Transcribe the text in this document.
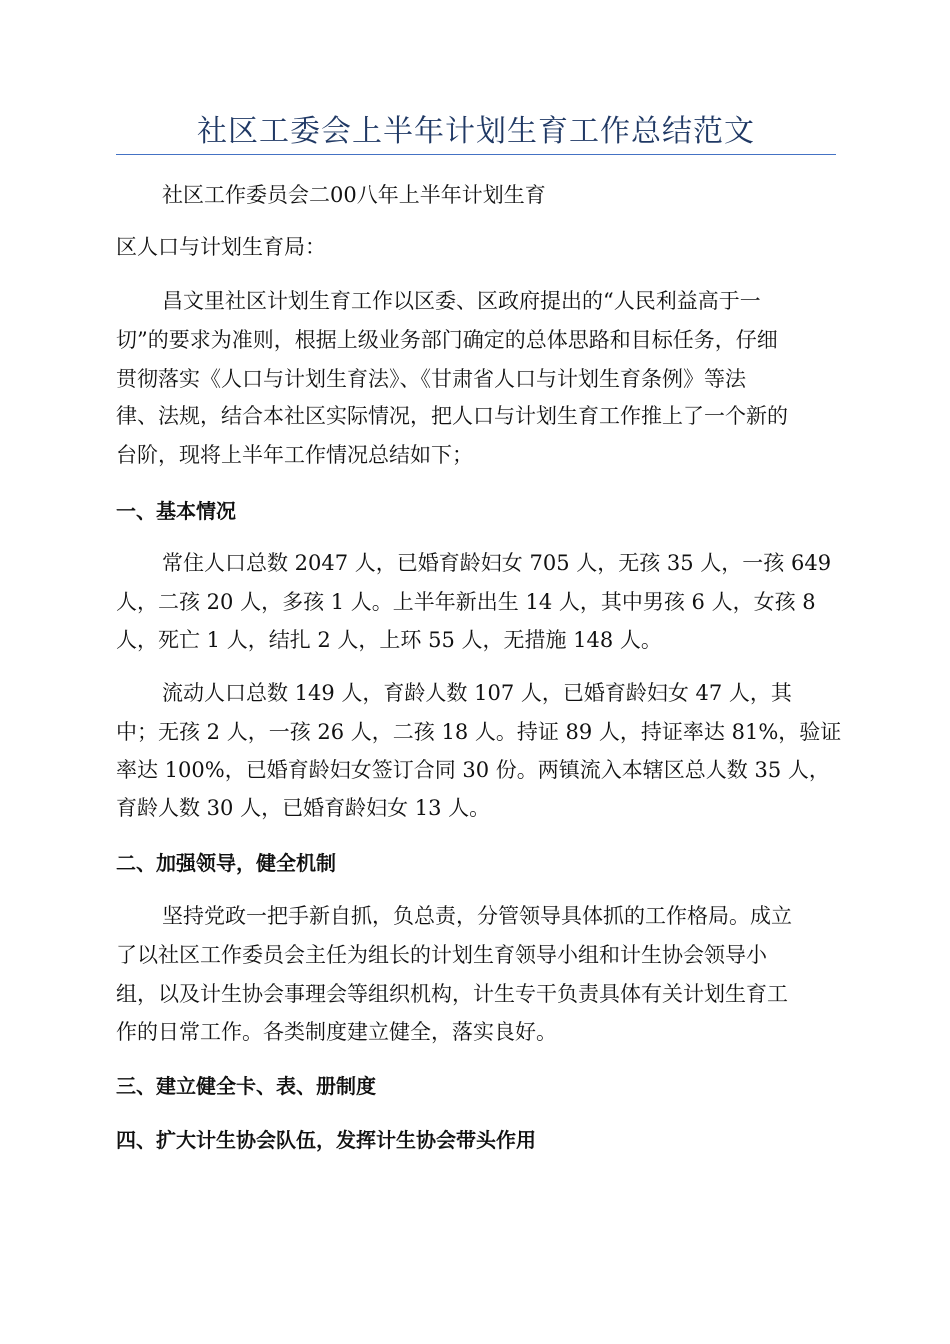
社区工委会上半年计划生育工作总结范文

社区工作委员会二00八年上半年计划生育

区人口与计划生育局：

昌文里社区计划生育工作以区委、区政府提出的“人民利益高于一

切”的要求为准则，根据上级业务部门确定的总体思路和目标任务，仔细

贯彻落实《人口与计划生育法》、《甘肃省人口与计划生育条例》等法

律、法规，结合本社区实际情况，把人口与计划生育工作推上了一个新的

台阶，现将上半年工作情况总结如下；

一、基本情况

常住人口总数 2047 人，已婚育龄妇女 705 人，无孩 35 人，一孩 649

人，二孩 20 人，多孩 1 人。上半年新出生 14 人，其中男孩 6 人，女孩 8

人，死亡 1 人，结扎 2 人，上环 55 人，无措施 148 人。

流动人口总数 149 人，育龄人数 107 人，已婚育龄妇女 47 人，其

中；无孩 2 人，一孩 26 人，二孩 18 人。持证 89 人，持证率达 81%，验证

率达 100%，已婚育龄妇女签订合同 30 份。两镇流入本辖区总人数 35 人，

育龄人数 30 人，已婚育龄妇女 13 人。

二、加强领导，健全机制

坚持党政一把手新自抓，负总责，分管领导具体抓的工作格局。成立

了以社区工作委员会主任为组长的计划生育领导小组和计生协会领导小

组，以及计生协会事理会等组织机构，计生专干负责具体有关计划生育工

作的日常工作。各类制度建立健全，落实良好。

三、建立健全卡、表、册制度

四、扩大计生协会队伍，发挥计生协会带头作用
